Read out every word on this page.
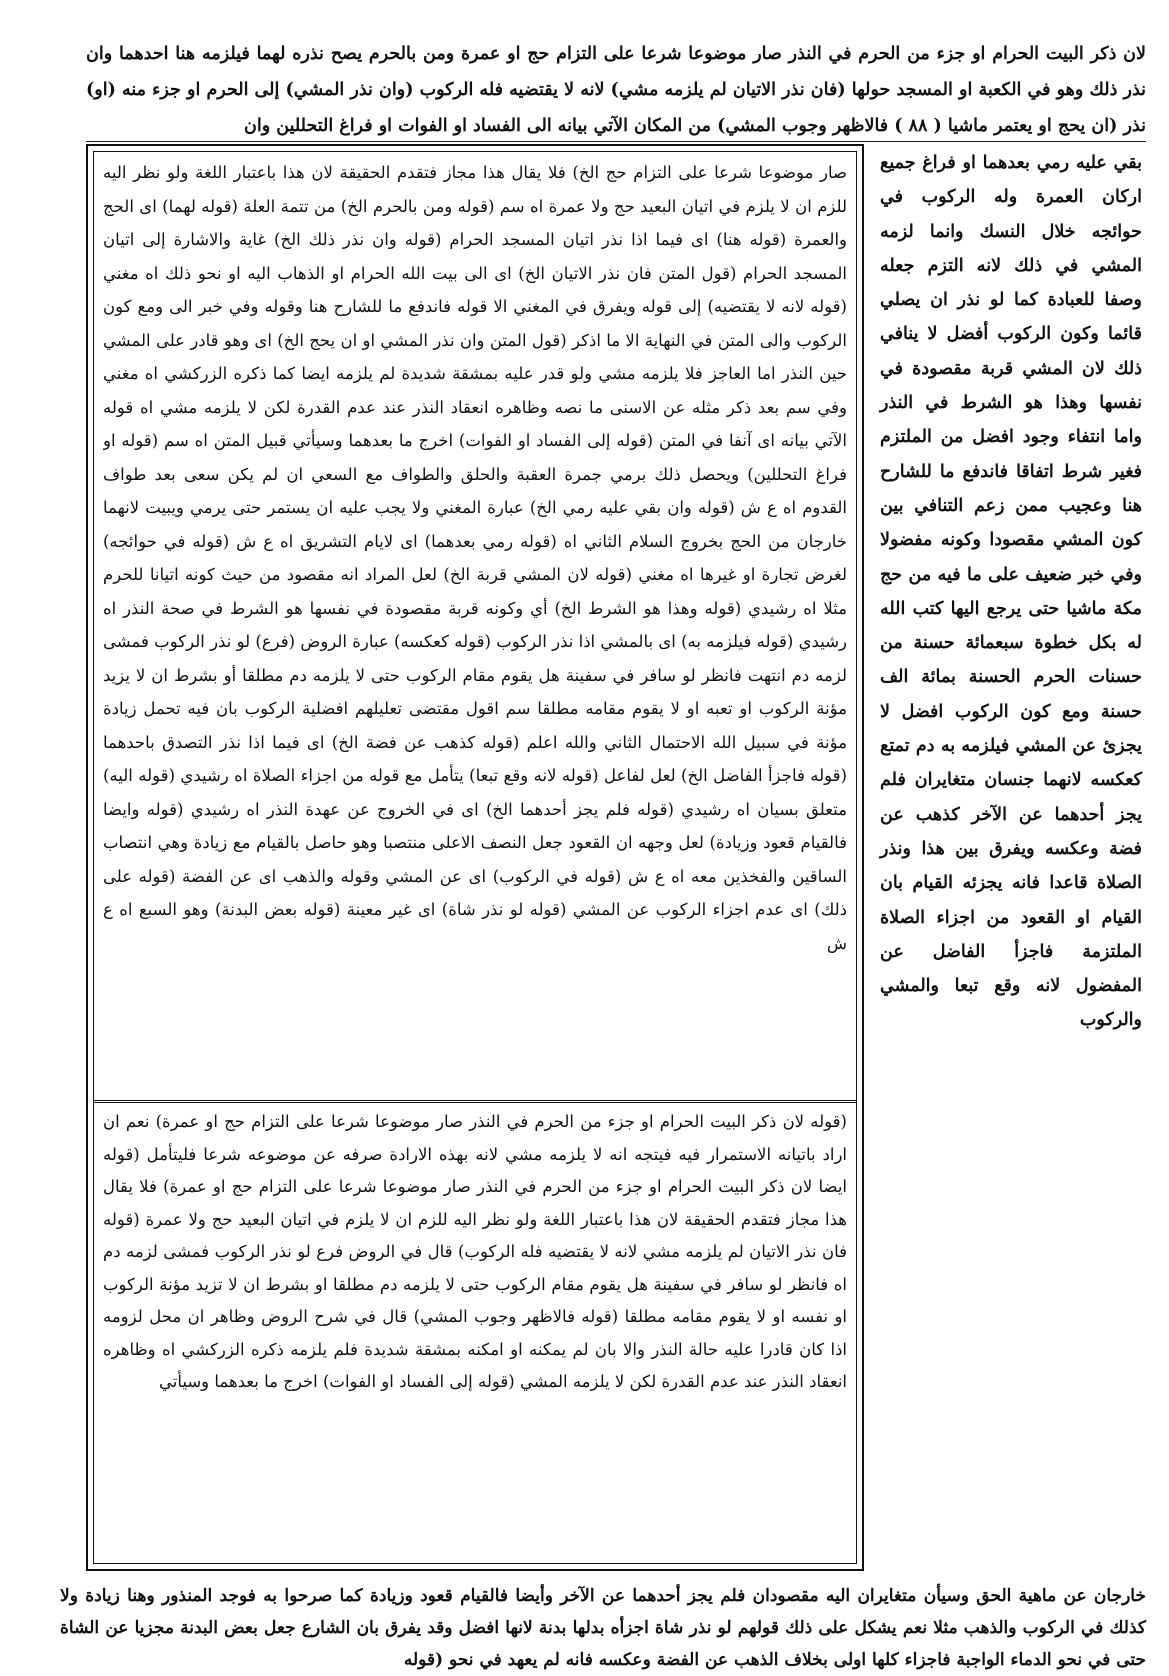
لان ذكر البيت الحرام او جزء من الحرم في النذر صار موضوعا شرعا على التزام حج او عمرة ومن بالحرم يصح نذره لهما فيلزمه هنا احدهما وان نذر ذلك وهو في الكعبة او المسجد حولها (فان نذر الاتيان لم يلزمه مشي) لانه لا يقتضيه فله الركوب (وان نذر المشي) إلى الحرم او جزء منه (او) نذر (ان يحج او يعتمر ماشيا ( ٨٨ ) فالاظهر وجوب المشي) من المكان الآتي بيانه الى الفساد او الفوات او فراغ التحللين وان

بقي عليه رمي بعدهما او فراغ جميع اركان العمرة وله الركوب في حوائجه خلال النسك وانما لزمه المشي في ذلك لانه التزم جعله وصفا للعبادة كما لو نذر ان يصلي قائما وكون الركوب أفضل لا ينافي ذلك لان المشي قربة مقصودة في نفسها وهذا هو الشرط في النذر واما انتفاء وجود افضل من الملتزم فغير شرط اتفاقا فاندفع ما للشارح هنا وعجيب ممن زعم التنافي بين كون المشي مقصودا وكونه مفضولا وفي خبر ضعيف على ما فيه من حج مكة ماشيا حتى يرجع اليها كتب الله له بكل خطوة سبعمائة حسنة من حسنات الحرم الحسنة بمائة الف حسنة ومع كون الركوب افضل لا يجزئ عن المشي فيلزمه به دم تمتع كعكسه لانهما جنسان متغايران فلم يجز أحدهما عن الآخر كذهب عن فضة وعكسه ويفرق بين هذا ونذر الصلاة قاعدا فانه يجزئه القيام بان القيام او القعود من اجزاء الصلاة الملتزمة فاجزأ الفاضل عن المفضول لانه وقع تبعا والمشي والركوب

صار موضوعا شرعا على التزام حج الخ) فلا يقال هذا مجاز فتقدم الحقيقة لان هذا باعتبار اللغة ولو نظر اليه للزم ان لا يلزم في اتيان البعيد حج ولا عمرة اه سم (قوله ومن بالحرم الخ) من تتمة العلة (قوله لهما) اى الحج والعمرة (قوله هنا) اى فيما اذا نذر اتيان المسجد الحرام (قوله وان نذر ذلك الخ) غاية والاشارة إلى اتيان المسجد الحرام (قول المتن فان نذر الاتيان الخ) اى الى بيت الله الحرام او الذهاب اليه او نحو ذلك اه مغني (قوله لانه لا يقتضيه) إلى قوله ويفرق في المغني الا قوله فاندفع ما للشارح هنا وقوله وفي خبر الى ومع كون الركوب والى المتن في النهاية الا ما اذكر (قول المتن وان نذر المشي او ان يحج الخ) اى وهو قادر على المشي حين النذر اما العاجز فلا يلزمه مشي ولو قدر عليه بمشقة شديدة لم يلزمه ايضا كما ذكره الزركشي اه مغني وفي سم بعد ذكر مثله عن الاسنى ما نصه وظاهره انعقاد النذر عند عدم القدرة لكن لا يلزمه مشي اه قوله الآتي بيانه اى آنفا في المتن (قوله إلى الفساد او الفوات) اخرج ما بعدهما وسيأتي قبيل المتن اه سم (قوله او فراغ التحللين) ويحصل ذلك برمي جمرة العقبة والحلق والطواف مع السعي ان لم يكن سعى بعد طواف القدوم اه ع ش (قوله وان بقي عليه رمي الخ) عبارة المغني ولا يجب عليه ان يستمر حتى يرمي ويبيت لانهما خارجان من الحج بخروج السلام الثاني اه (قوله رمي بعدهما) اى لايام التشريق اه ع ش (قوله في حوائجه) لغرض تجارة او غيرها اه مغني (قوله لان المشي قربة الخ) لعل المراد انه مقصود من حيث كونه اتيانا للحرم مثلا اه رشيدي (قوله وهذا هو الشرط الخ) أي وكونه قربة مقصودة في نفسها هو الشرط في صحة النذر اه رشيدي (قوله فيلزمه به) اى بالمشي اذا نذر الركوب (قوله كعكسه) عبارة الروض (فرع) لو نذر الركوب فمشى لزمه دم انتهت فانظر لو سافر في سفينة هل يقوم مقام الركوب حتى لا يلزمه دم مطلقا أو بشرط ان لا يزيد مؤنة الركوب او تعبه او لا يقوم مقامه مطلقا سم اقول مقتضى تعليلهم افضلية الركوب بان فيه تحمل زيادة مؤنة في سبيل الله الاحتمال الثاني والله اعلم (قوله كذهب عن فضة الخ) اى فيما اذا نذر التصدق باحدهما (قوله فاجزأ الفاضل الخ) لعل لفاعل (قوله لانه وقع تبعا) يتأمل مع قوله من اجزاء الصلاة اه رشيدي (قوله اليه) متعلق بسيان اه رشيدي (قوله فلم يجز أحدهما الخ) اى في الخروج عن عهدة النذر اه رشيدي (قوله وايضا فالقيام قعود وزيادة) لعل وجهه ان القعود جعل النصف الاعلى منتصبا وهو حاصل بالقيام مع زيادة وهي انتصاب الساقين والفخذين معه اه ع ش (قوله في الركوب) اى عن المشي وقوله والذهب اى عن الفضة (قوله على ذلك) اى عدم اجزاء الركوب عن المشي (قوله لو نذر شاة) اى غير معينة (قوله بعض البدنة) وهو السبع اه ع ش

(قوله لان ذكر البيت الحرام او جزء من الحرم في النذر صار موضوعا شرعا على التزام حج او عمرة) نعم ان اراد باتيانه الاستمرار فيه فيتجه انه لا يلزمه مشي لانه بهذه الارادة صرفه عن موضوعه شرعا فليتأمل (قوله ايضا لان ذكر البيت الحرام او جزء من الحرم في النذر صار موضوعا شرعا على التزام حج او عمرة) فلا يقال هذا مجاز فتقدم الحقيقة لان هذا باعتبار اللغة ولو نظر اليه للزم ان لا يلزم في اتيان البعيد حج ولا عمرة (قوله فان نذر الاتيان لم يلزمه مشي لانه لا يقتضيه فله الركوب) قال في الروض فرع لو نذر الركوب فمشى لزمه دم اه فانظر لو سافر في سفينة هل يقوم مقام الركوب حتى لا يلزمه دم مطلقا او بشرط ان لا تزيد مؤنة الركوب او نفسه او لا يقوم مقامه مطلقا (قوله فالاظهر وجوب المشي) قال في شرح الروض وظاهر ان محل لزومه اذا كان قادرا عليه حالة النذر والا بان لم يمكنه او امكنه بمشقة شديدة فلم يلزمه ذكره الزركشي اه وظاهره انعقاد النذر عند عدم القدرة لكن لا يلزمه المشي (قوله إلى الفساد او الفوات) اخرج ما بعدهما وسيأتي

خارجان عن ماهية الحق وسيأن متغايران اليه مقصودان فلم يجز أحدهما عن الآخر وأيضا فالقيام قعود وزيادة كما صرحوا به فوجد المنذور وهنا زيادة ولا كذلك في الركوب والذهب مثلا نعم يشكل على ذلك قولهم لو نذر شاة اجزأه بدلها بدنة لانها افضل وقد يفرق بان الشارع جعل بعض البدنة مجزيا عن الشاة حتى في نحو الدماء الواجبة فاجزاء كلها اولى بخلاف الذهب عن الفضة وعكسه فانه لم يعهد في نحو (قوله
